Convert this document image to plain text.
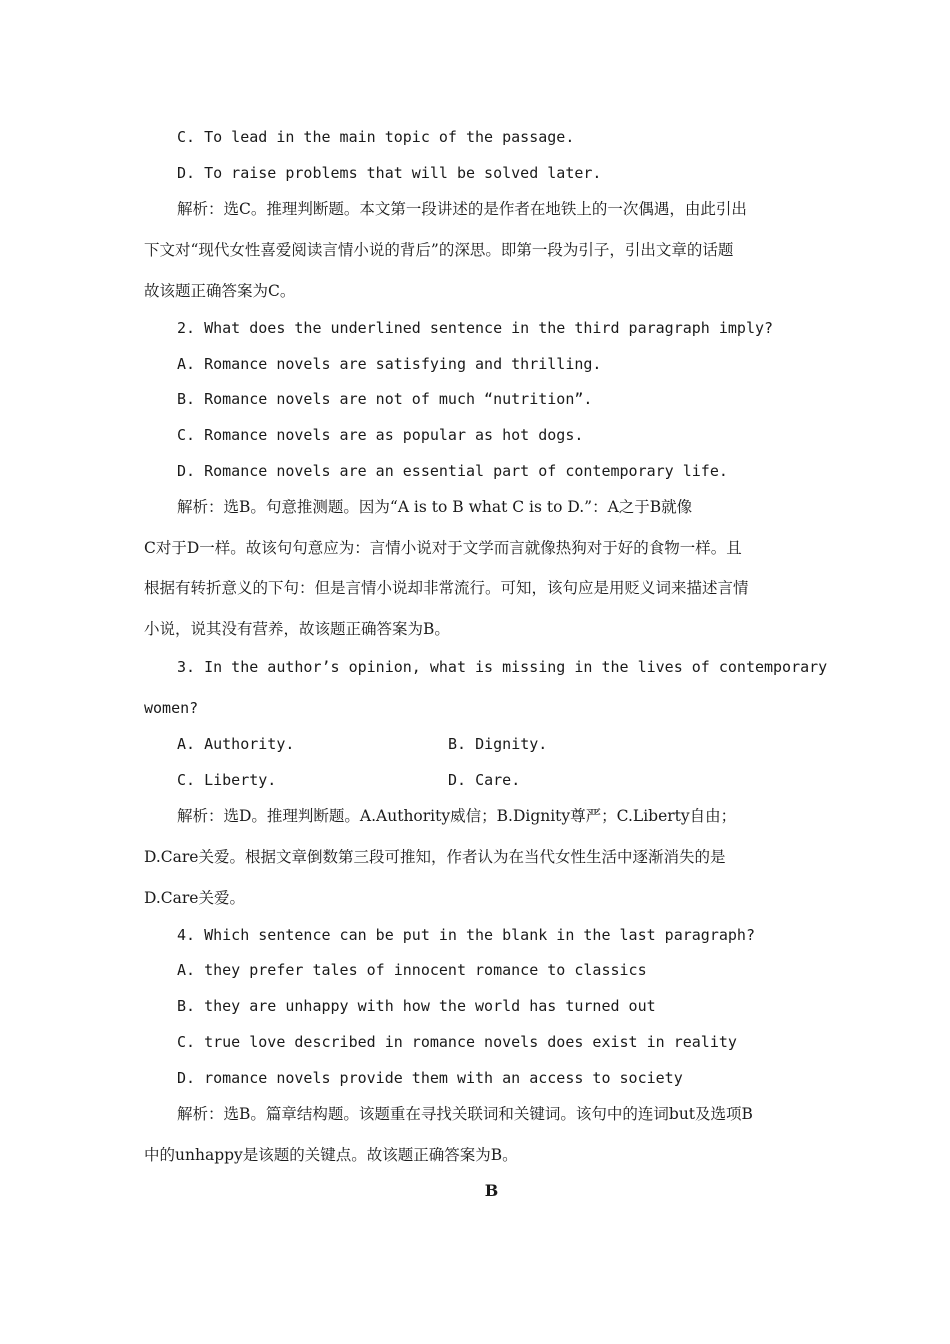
C. To lead in the main topic of the passage.
D. To raise problems that will be solved later.
解析：选C。推理判断题。本文第一段讲述的是作者在地铁上的一次偶遇，由此引出
下文对“现代女性喜爱阅读言情小说的背后”的深思。即第一段为引子，引出文章的话题
故该题正确答案为C。
2. What does the underlined sentence in the third paragraph imply?
A. Romance novels are satisfying and thrilling.
B. Romance novels are not of much “nutrition”.
C. Romance novels are as popular as hot dogs.
D. Romance novels are an essential part of contemporary life.
解析：选B。句意推测题。因为“A is to B what C is to D.”：A之于B就像
C对于D一样。故该句句意应为：言情小说对于文学而言就像热狗对于好的食物一样。且
根据有转折意义的下句：但是言情小说却非常流行。可知，该句应是用贬义词来描述言情
小说，说其没有营养，故该题正确答案为B。
3. In the author’s opinion, what is missing in the lives of contemporary
women?
A. Authority.	B. Dignity.
C. Liberty.	D. Care.
解析：选D。推理判断题。A.Authority威信；B.Dignity尊严；C.Liberty自由；
D.Care关爱。根据文章倒数第三段可推知，作者认为在当代女性生活中逐渐消失的是
D.Care关爱。
4. Which sentence can be put in the blank in the last paragraph?
A. they prefer tales of innocent romance to classics
B. they are unhappy with how the world has turned out
C. true love described in romance novels does exist in reality
D. romance novels provide them with an access to society
解析：选B。篇章结构题。该题重在寻找关联词和关键词。该句中的连词but及选项B
中的unhappy是该题的关键点。故该题正确答案为B。
B
